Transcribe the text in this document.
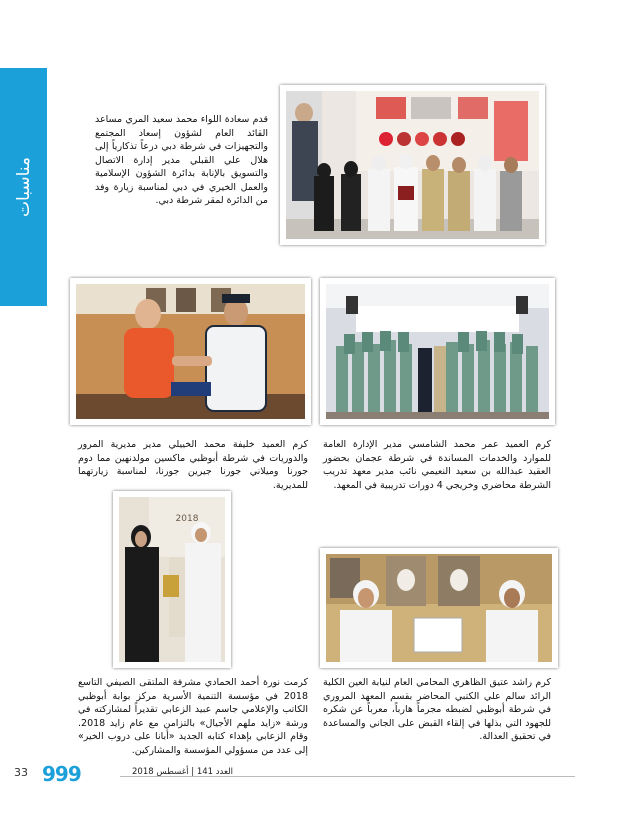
مناسبات
قدم سعادة اللواء محمد سعيد المري مساعد القائد العام لشؤون إسعاد المجتمع والتجهيزات في شرطة دبي درعاً تذكارياً إلى هلال علي القبلي مدير إدارة الاتصال والتسويق بالإنابة بدائرة الشؤون الإسلامية والعمل الخيري في دبي لمناسبة زيارة وفد من الدائرة لمقر شرطة دبي.
كرم العميد خليفة محمد الخييلي مدير مديرية المرور والدوريات في شرطة أبوظبي ماكسين مولدنهين مما دوم جورنا وميلاني جورنا جيرين جورنا، لمناسبة زيارتهما للمديرية.
كرم العميد عمر محمد الشامسي مدير الإدارة العامة للموارد والخدمات المساندة في شرطة عجمان بحضور العقيد عبدالله بن سعيد النعيمي نائب مدير معهد تدريب الشرطة محاضري وخريجي 4 دورات تدريبية في المعهد.
2018
كرمت نورة أحمد الحمادي مشرفة الملتقى الصيفي التاسع 2018 في مؤسسة التنمية الأسرية مركز بوابة أبوظبي الكاتب والإعلامي جاسم عبيد الزعابي تقديراً لمشاركته في ورشة «زايد ملهم الأجيال» بالتزامن مع عام زايد 2018. وقام الزعابي بإهداء كتابه الجديد «أبانا على دروب الخير» إلى عدد من مسؤولي المؤسسة والمشاركين.
كرم راشد عتيق الظاهري المحامي العام لنيابة العين الكلية الرائد سالم علي الكتبي المحاضر بقسم المعهد المروري في شرطة أبوظبي لضبطه مجرماً هارباً، معرباً عن شكره للجهود التي بذلها في إلقاء القبض على الجاني والمساعدة في تحقيق العدالة.
33 999	العدد 141 | أغسطس 2018
